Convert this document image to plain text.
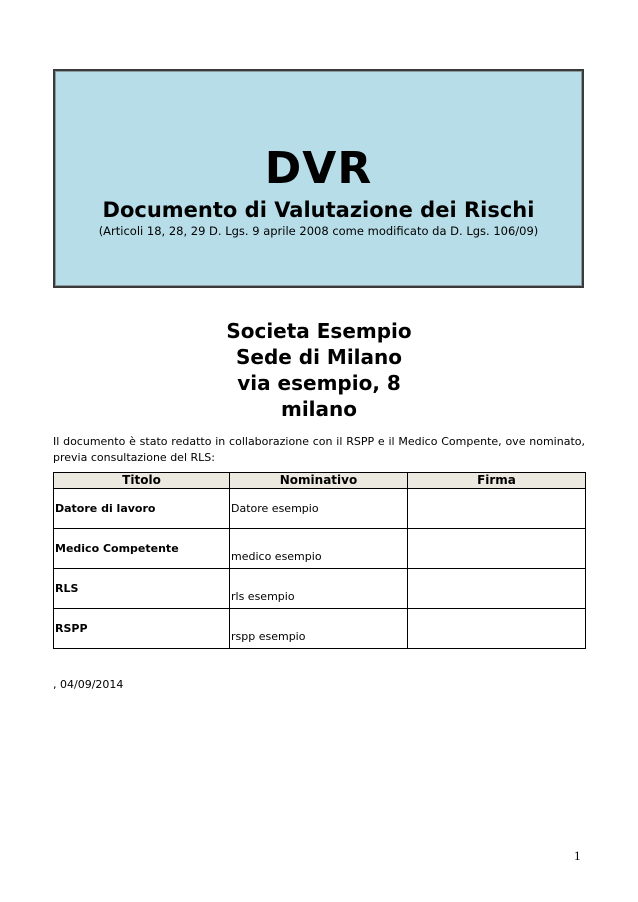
DVR
Documento di Valutazione dei Rischi
(Articoli 18, 28, 29 D. Lgs. 9 aprile 2008 come modificato da D. Lgs. 106/09)
Societa Esempio
Sede di Milano
via esempio, 8
milano
Il documento è stato redatto in collaborazione con il RSPP e il Medico Compente, ove nominato, previa consultazione del RLS:
Titolo	Nominativo	Firma
Datore di lavoro	Datore esempio	
Medico Competente	medico esempio	
RLS	rls esempio	
RSPP	rspp esempio	
, 04/09/2014
1
